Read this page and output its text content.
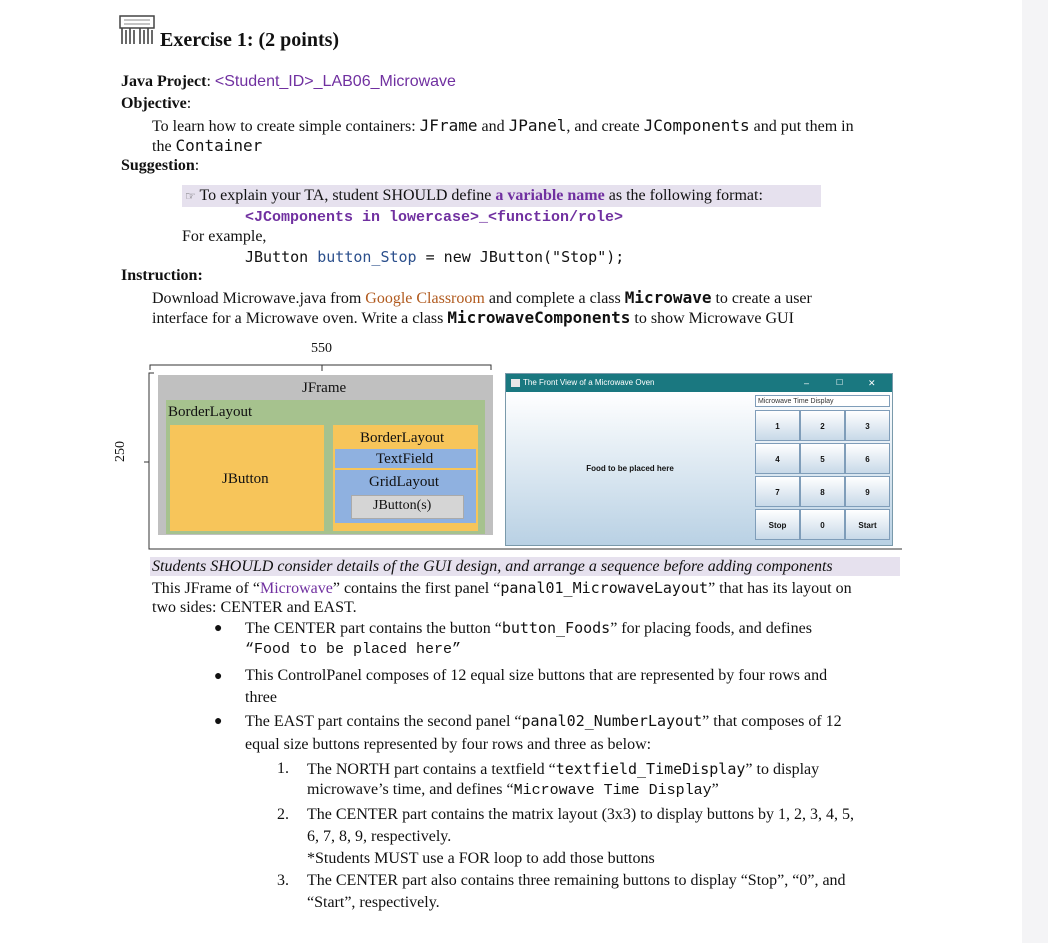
Exercise 1: (2 points)
Java Project: <Student_ID>_LAB06_Microwave
Objective:
To learn how to create simple containers: JFrame and JPanel, and create JComponents and put them in
the Container
Suggestion:
☞ To explain your TA, student SHOULD define a variable name as the following format:
<JComponents in lowercase>_<function/role>
For example,
JButton button_Stop = new JButton("Stop");
Instruction:
Download Microwave.java from Google Classroom and complete a class Microwave to create a user
interface for a Microwave oven. Write a class MicrowaveComponents to show Microwave GUI
550
250
JFrame
BorderLayout
JButton
BorderLayout
TextField
GridLayout
JButton(s)
The Front View of a Microwave Oven	–	☐	✕
Food to be placed here
Microwave Time Display
1	2	3
4	5	6
7	8	9
Stop	0	Start
Students SHOULD consider details of the GUI design, and arrange a sequence before adding components
This JFrame of “Microwave” contains the first panel “panal01_MicrowaveLayout” that has its layout on
two sides: CENTER and EAST.
● The CENTER part contains the button “button_Foods” for placing foods, and defines
“Food to be placed here”
● This ControlPanel composes of 12 equal size buttons that are represented by four rows and
three
● The EAST part contains the second panel “panal02_NumberLayout” that composes of 12
equal size buttons represented by four rows and three as below:
1. The NORTH part contains a textfield “textfield_TimeDisplay” to display
microwave’s time, and defines “Microwave Time Display”
2. The CENTER part contains the matrix layout (3x3) to display buttons by 1, 2, 3, 4, 5,
6, 7, 8, 9, respectively.
*Students MUST use a FOR loop to add those buttons
3. The CENTER part also contains three remaining buttons to display “Stop”, “0”, and
“Start”, respectively.
